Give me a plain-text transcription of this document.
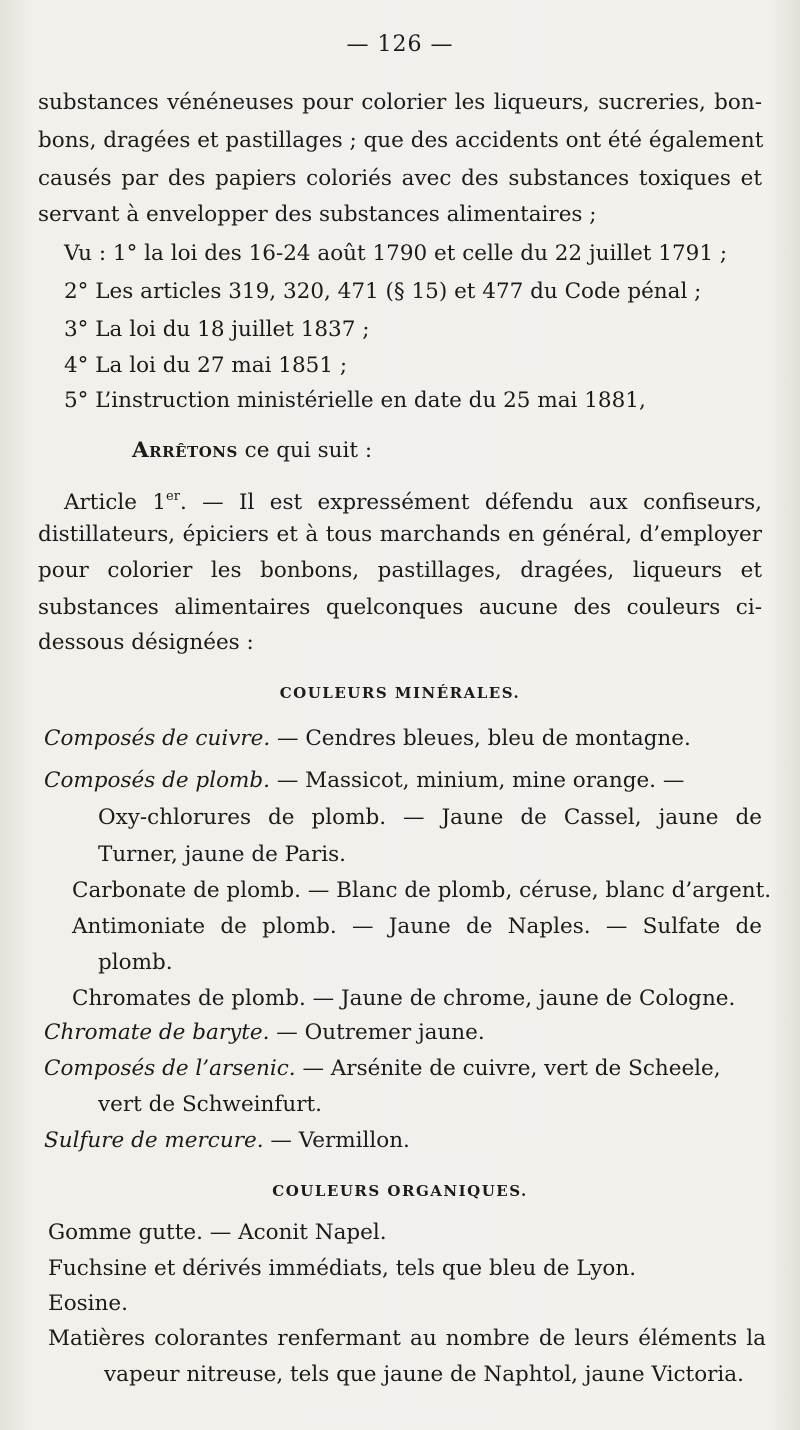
— 126 —
substances vénéneuses pour colorier les liqueurs, sucreries, bon-
bons, dragées et pastillages ; que des accidents ont été également
causés par des papiers coloriés avec des substances toxiques et
servant à envelopper des substances alimentaires ;
Vu : 1° la loi des 16-24 août 1790 et celle du 22 juillet 1791 ;
2° Les articles 319, 320, 471 (§ 15) et 477 du Code pénal ;
3° La loi du 18 juillet 1837 ;
4° La loi du 27 mai 1851 ;
5° L’instruction ministérielle en date du 25 mai 1881,
Arrêtons ce qui suit :
Article 1er. — Il est expressément défendu aux confiseurs,
distillateurs, épiciers et à tous marchands en général, d’employer
pour colorier les bonbons, pastillages, dragées, liqueurs et
substances alimentaires quelconques aucune des couleurs ci-
dessous désignées :
COULEURS MINÉRALES.
Composés de cuivre. — Cendres bleues, bleu de montagne.
Composés de plomb. — Massicot, minium, mine orange. —
Oxy-chlorures de plomb. — Jaune de Cassel, jaune de
Turner, jaune de Paris.
Carbonate de plomb. — Blanc de plomb, céruse, blanc d’argent.
Antimoniate de plomb. — Jaune de Naples. — Sulfate de
plomb.
Chromates de plomb. — Jaune de chrome, jaune de Cologne.
Chromate de baryte. — Outremer jaune.
Composés de l’arsenic. — Arsénite de cuivre, vert de Scheele,
vert de Schweinfurt.
Sulfure de mercure. — Vermillon.
COULEURS ORGANIQUES.
Gomme gutte. — Aconit Napel.
Fuchsine et dérivés immédiats, tels que bleu de Lyon.
Eosine.
Matières colorantes renfermant au nombre de leurs éléments la
vapeur nitreuse, tels que jaune de Naphtol, jaune Victoria.
